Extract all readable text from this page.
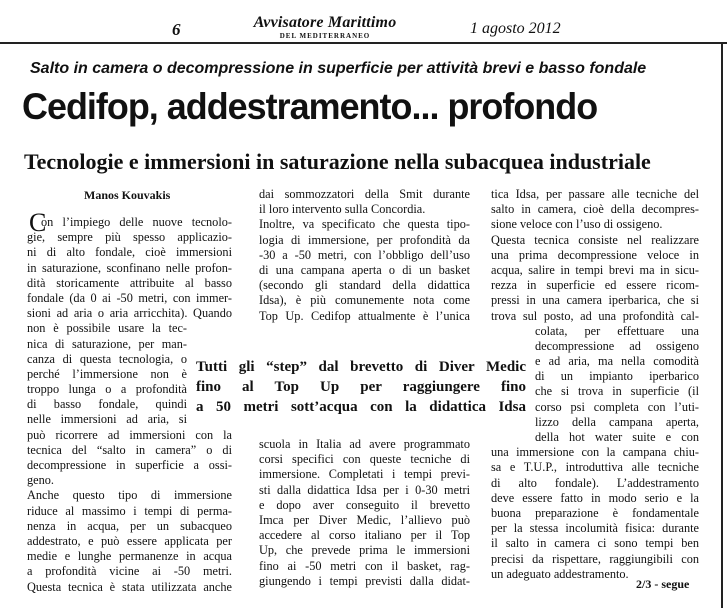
6	Avvisatore Marittimo
DEL MEDITERRANEO	1 agosto 2012
Salto in camera o decompressione in superficie per attività brevi e basso fondale
Cedifop, addestramento... profondo
Tecnologie e immersioni in saturazione nella subacquea industriale
Manos Kouvakis
C
on l’impiego delle nuove tecnolo-
gie, sempre più spesso applicazio-
ni di alto fondale, cioè immersioni
in saturazione, sconfinano nelle profon-
dità storicamente attribuite al basso
fondale (da 0 ai -50 metri, con immer-
sioni ad aria o aria arricchita). Quando
non è possibile usare la tec-
nica di saturazione, per man-
canza di questa tecnologia, o
perché l’immersione non è
troppo lunga o a profondità
di basso fondale, quindi
nelle immersioni ad aria, si
può ricorrere ad immersioni con la
tecnica del “salto in camera” o di
decompressione in superficie a ossi-
geno.
Anche questo tipo di immersione
riduce al massimo i tempi di perma-
nenza in acqua, per un subacqueo
addestrato, e può essere applicata per
medie e lunghe permanenze in acqua
a profondità vicine ai -50 metri.
Questa tecnica è stata utilizzata anche
dai sommozzatori della Smit durante
il loro intervento sulla Concordia.
Inoltre, va specificato che questa tipo-
logia di immersione, per profondità da
-30 a -50 metri, con l’obbligo dell’uso
di una campana aperta o di un basket
(secondo gli standard della didattica
Idsa), è più comunemente nota come
Top Up. Cedifop attualmente è l’unica
Tutti gli “step” dal brevetto di Diver Medic
fino al Top Up per raggiungere fino
a 50 metri sott’acqua con la didattica Idsa
scuola in Italia ad avere programmato
corsi specifici con queste tecniche di
immersione. Completati i tempi previ-
sti dalla didattica Idsa per i 0-30 metri
e dopo aver conseguito il brevetto
Imca per Diver Medic, l’allievo può
accedere al corso italiano per il Top
Up, che prevede prima le immersioni
fino ai -50 metri con il basket, rag-
giungendo i tempi previsti dalla didat-
tica Idsa, per passare alle tecniche del
salto in camera, cioè della decompres-
sione veloce con l’uso di ossigeno.
Questa tecnica consiste nel realizzare
una prima decompressione veloce in
acqua, salire in tempi brevi ma in sicu-
rezza in superficie ed essere ricom-
pressi in una camera iperbarica, che si
trova sul posto, ad una profondità cal-
colata, per effettuare una
decompressione ad ossigeno
e ad aria, ma nella comodità
di un impianto iperbarico
che si trova in superficie (il
corso psi completa con l’uti-
lizzo della campana aperta,
della hot water suite e con
una immersione con la campana chiu-
sa e T.U.P., introduttiva alle tecniche
di alto fondale). L’addestramento
deve essere fatto in modo serio e la
buona preparazione è fondamentale
per la stessa incolumità fisica: durante
il salto in camera ci sono tempi ben
precisi da rispettare, raggiungibili con
un adeguato addestramento.
2/3 - segue
